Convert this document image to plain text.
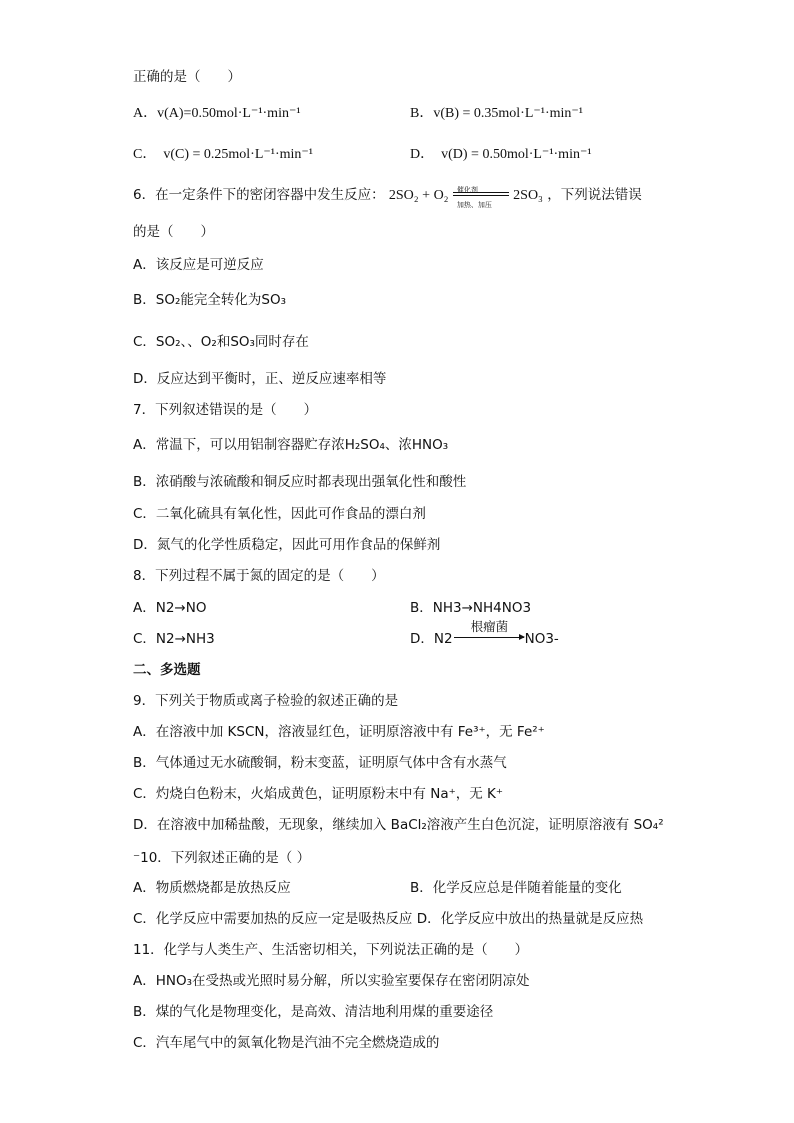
正确的是（　　）
A．v(A)=0.50mol·L⁻¹·min⁻¹	B．v(B) = 0.35mol·L⁻¹·min⁻¹
C．　v(C) = 0.25mol·L⁻¹·min⁻¹	D．　v(D) = 0.50mol·L⁻¹·min⁻¹
6．在一定条件下的密闭容器中发生反应： 2SO₂ + O₂ 催化剂
加热、加压
2SO₃ ，下列说法错误
的是（　　）
A．该反应是可逆反应
B．SO₂能完全转化为SO₃
C．SO₂、、O₂和SO₃同时存在
D．反应达到平衡时，正、逆反应速率相等
7．下列叙述错误的是（　　）
A．常温下，可以用铝制容器贮存浓H₂SO₄、浓HNO₃
B．浓硝酸与浓硫酸和铜反应时都表现出强氧化性和酸性
C．二氧化硫具有氧化性，因此可作食品的漂白剂
D．氮气的化学性质稳定，因此可用作食品的保鲜剂
8．下列过程不属于氮的固定的是（　　）
A．N2→NO	B．NH3→NH4NO3
C．N2→NH3	D．N2
根瘤菌
NO3-
二、多选题
9．下列关于物质或离子检验的叙述正确的是
A．在溶液中加 KSCN，溶液显红色，证明原溶液中有 Fe³⁺，无 Fe²⁺
B．气体通过无水硫酸铜，粉末变蓝，证明原气体中含有水蒸气
C．灼烧白色粉末，火焰成黄色，证明原粉末中有 Na⁺，无 K⁺
D．在溶液中加稀盐酸，无现象，继续加入 BaCl₂溶液产生白色沉淀，证明原溶液有 SO₄²
⁻10．下列叙述正确的是（ ）
A．物质燃烧都是放热反应	B．化学反应总是伴随着能量的变化
C．化学反应中需要加热的反应一定是吸热反应 D．化学反应中放出的热量就是反应热
11．化学与人类生产、生活密切相关，下列说法正确的是（　　）
A．HNO₃在受热或光照时易分解，所以实验室要保存在密闭阴凉处
B．煤的气化是物理变化，是高效、清洁地利用煤的重要途径
C．汽车尾气中的氮氧化物是汽油不完全燃烧造成的
